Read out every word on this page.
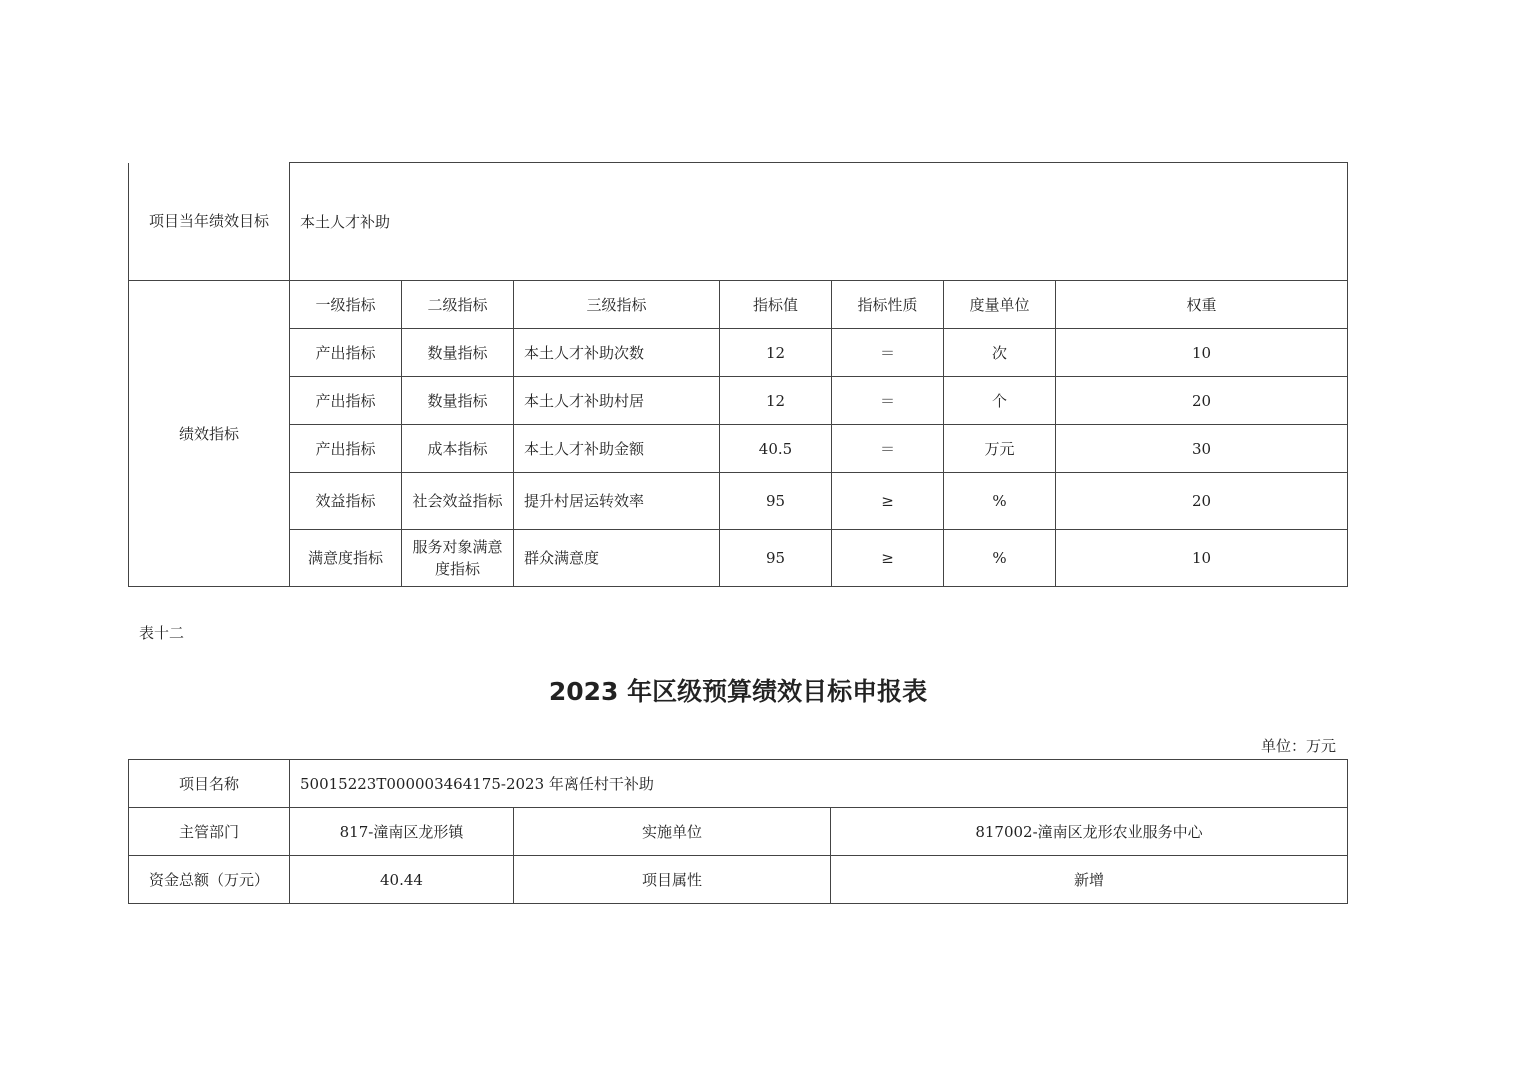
项目当年绩效目标	本土人才补助						
绩效指标	一级指标	二级指标	三级指标	指标值	指标性质	度量单位	权重
	产出指标	数量指标	本土人才补助次数	12	＝	次	10
	产出指标	数量指标	本土人才补助村居	12	＝	个	20
	产出指标	成本指标	本土人才补助金额	40.5	＝	万元	30
	效益指标	社会效益指标	提升村居运转效率	95	≥	%	20
	满意度指标	服务对象满意度指标	群众满意度	95	≥	%	10
表十二
2023 年区级预算绩效目标申报表
单位：万元
项目名称	50015223T000003464175-2023 年离任村干补助		
主管部门	817-潼南区龙形镇	实施单位	817002-潼南区龙形农业服务中心
资金总额（万元）	40.44	项目属性	新增
